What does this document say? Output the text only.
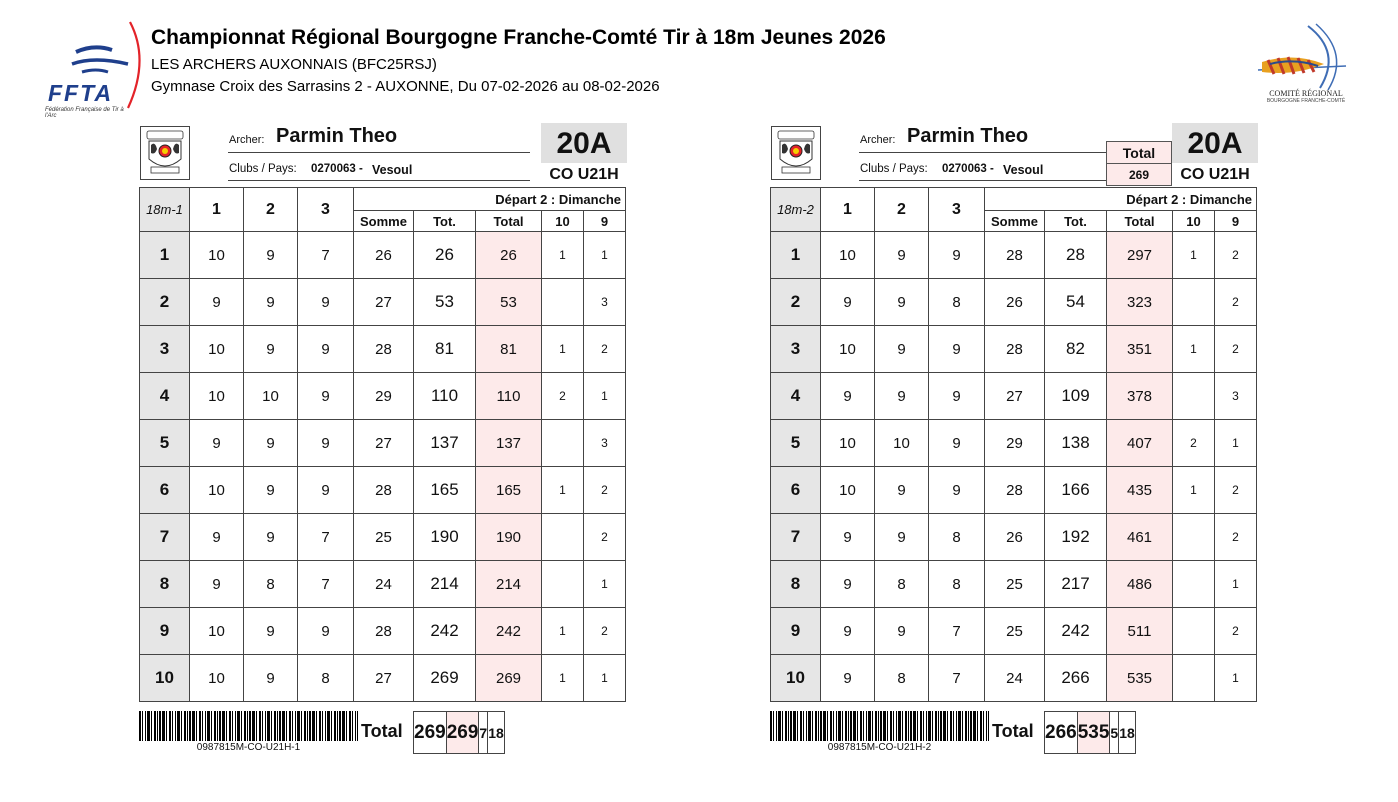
FFTA
Fédération Française de Tir à l'Arc
Championnat Régional Bourgogne Franche-Comté Tir à 18m Jeunes 2026
LES ARCHERS AUXONNAIS (BFC25RSJ)
Gymnase Croix des Sarrasins 2 - AUXONNE, Du 07-02-2026 au 08-02-2026	COMITÉ RÉGIONAL
BOURGOGNE FRANCHE-COMTÉ
Archer: Parmin Theo
Clubs / Pays: 0270063 - Vesoul
20A
CO U21H
18m-1	1	2	3	Départ 2 : Dimanche				
				Somme	Tot.	Total	10	9
1	10	9	7	26	26	26	1	1
2	9	9	9	27	53	53		3
3	10	9	9	28	81	81	1	2
4	10	10	9	29	110	110	2	1
5	9	9	9	27	137	137		3
6	10	9	9	28	165	165	1	2
7	9	9	7	25	190	190		2
8	9	8	7	24	214	214		1
9	10	9	9	28	242	242	1	2
10	10	9	8	27	269	269	1	1
0987815M-CO-U21H-1
Total 269	269	7	18
Archer: Parmin Theo
Clubs / Pays: 0270063 - Vesoul
Total
269
20A
CO U21H
18m-2	1	2	3	Départ 2 : Dimanche				
				Somme	Tot.	Total	10	9
1	10	9	9	28	28	297	1	2
2	9	9	8	26	54	323		2
3	10	9	9	28	82	351	1	2
4	9	9	9	27	109	378		3
5	10	10	9	29	138	407	2	1
6	10	9	9	28	166	435	1	2
7	9	9	8	26	192	461		2
8	9	8	8	25	217	486		1
9	9	9	7	25	242	511		2
10	9	8	7	24	266	535		1
0987815M-CO-U21H-2
Total 266	535	5	18
